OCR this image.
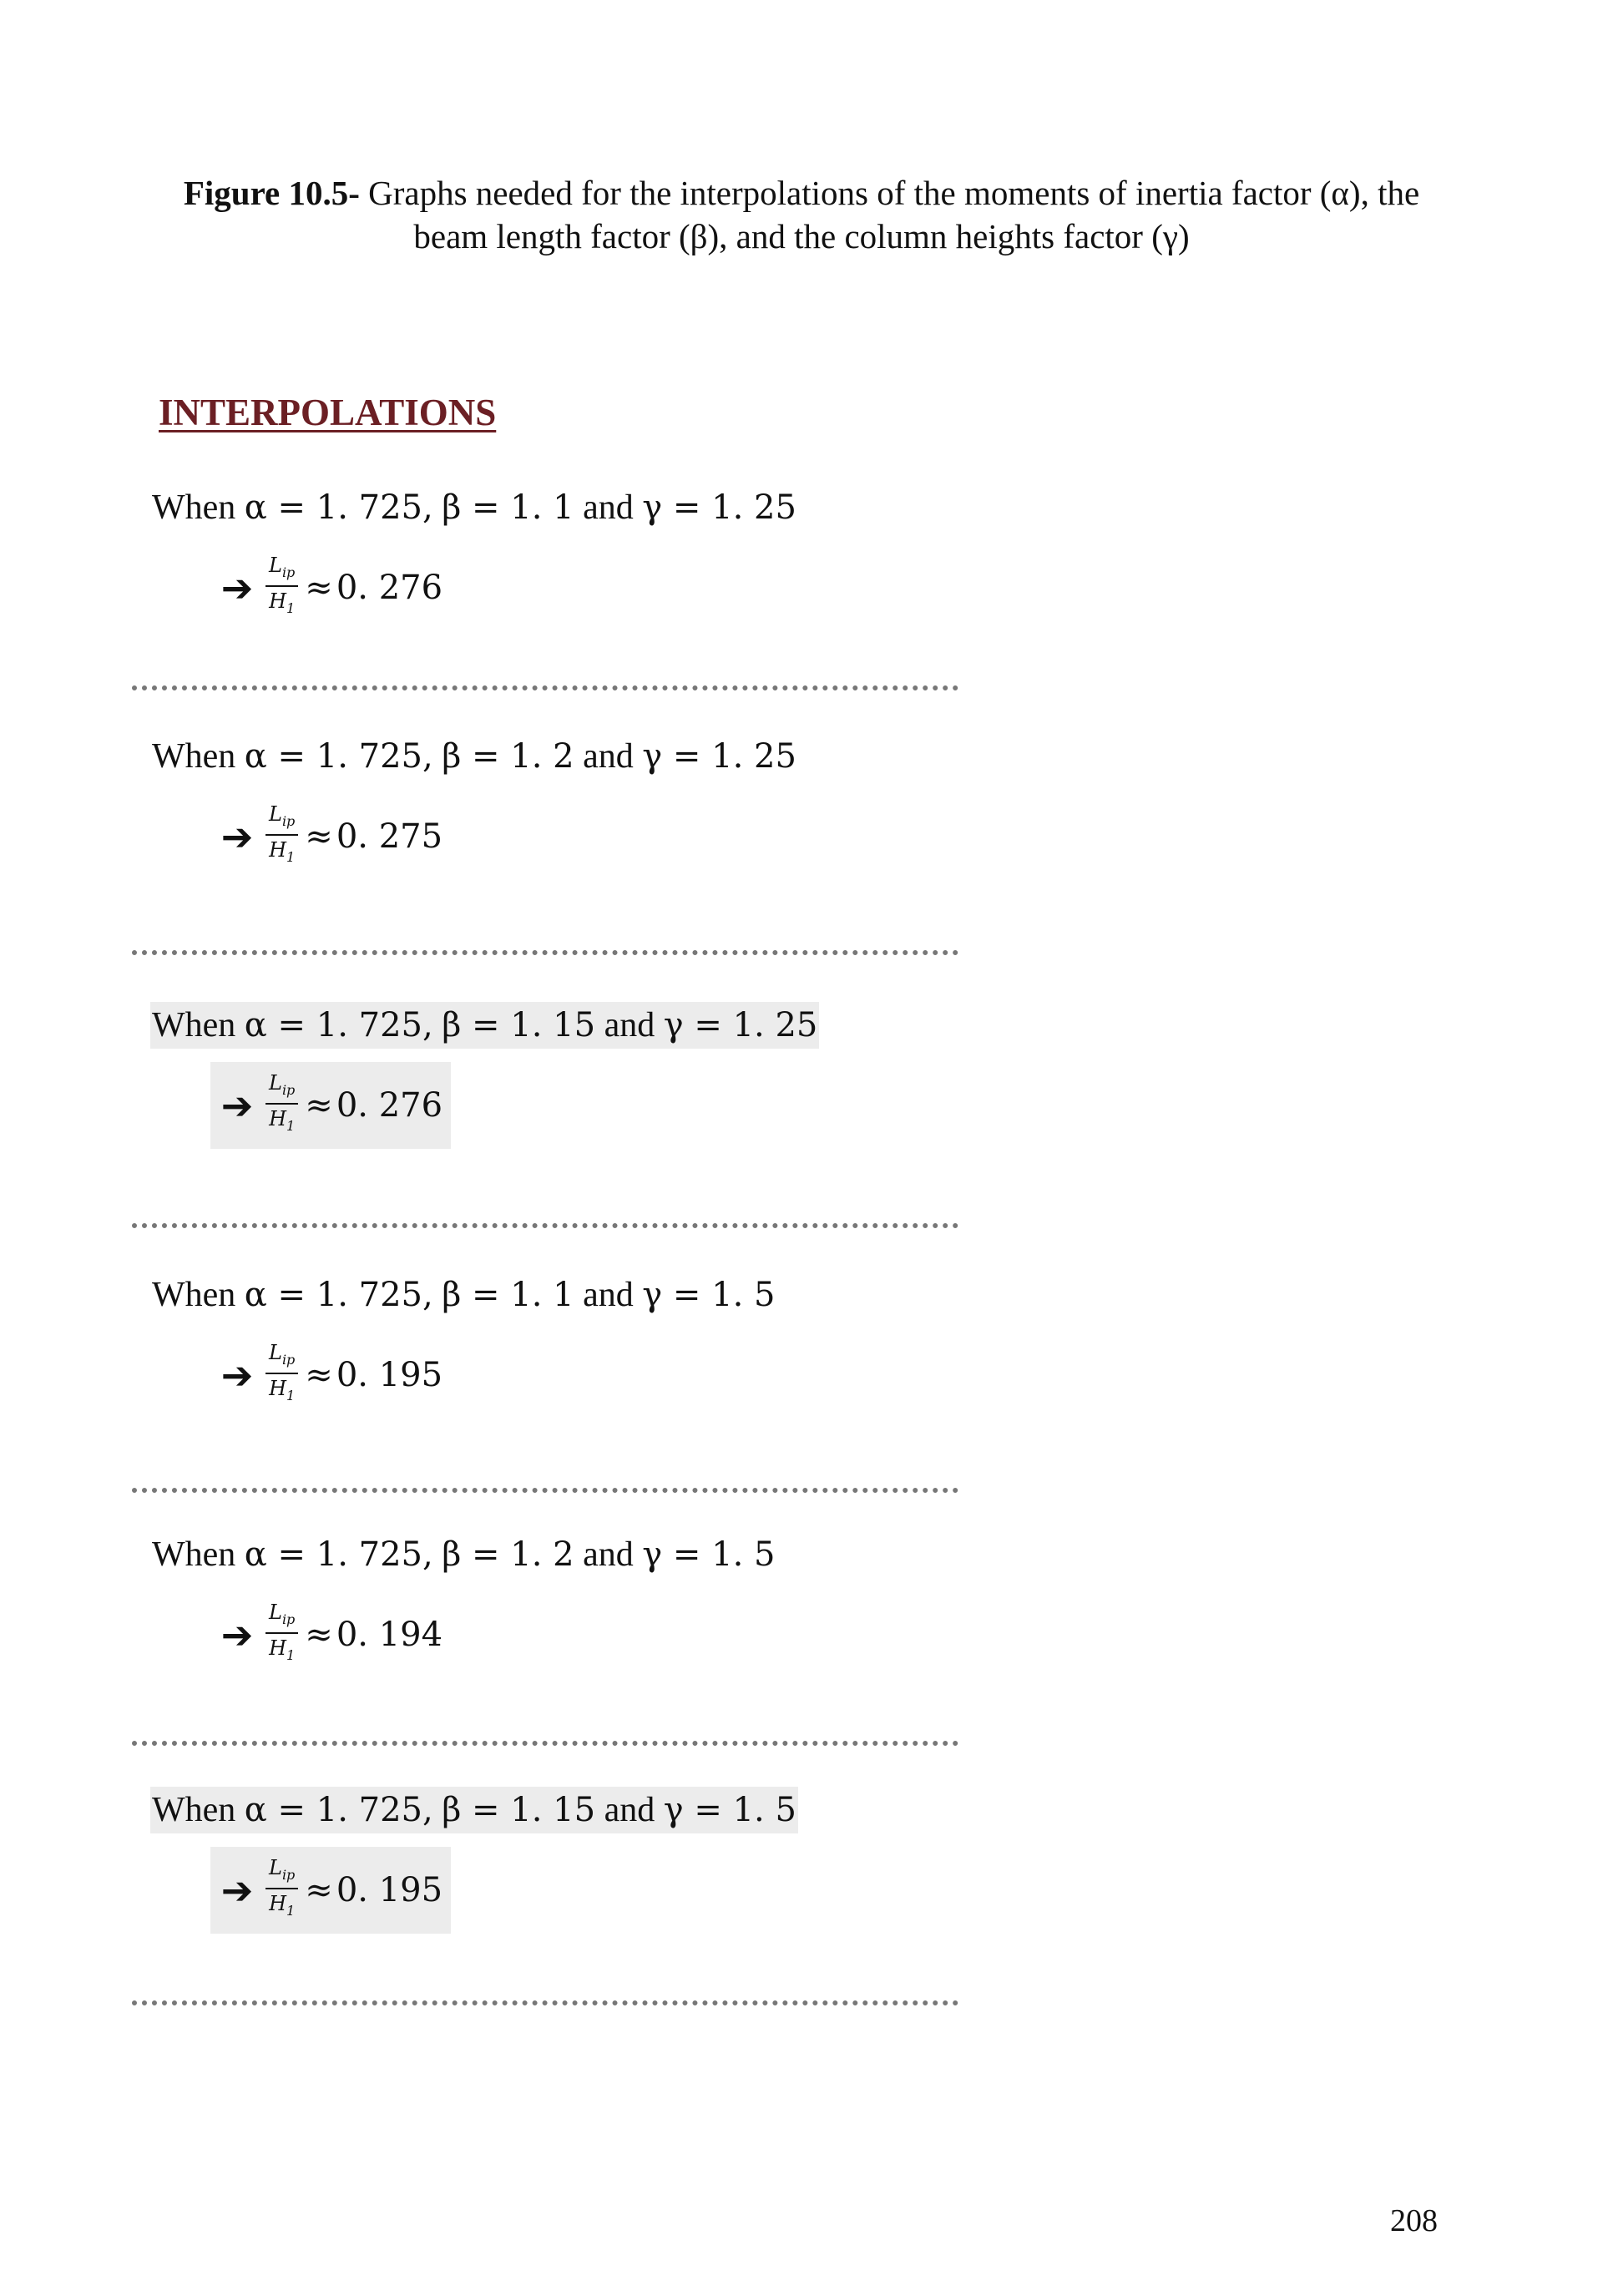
Figure 10.5- Graphs needed for the interpolations of the moments of inertia factor (α), the beam length factor (β), and the column heights factor (γ)
INTERPOLATIONS
When α = 1. 725, β = 1. 1 and γ = 1. 25
➔ $\frac{L_{ip}}{H_1}$ ≈
0. 276
When α = 1. 725, β = 1. 2 and γ = 1. 25
➔ $\frac{L_{ip}}{H_1}$ ≈
0. 275
When α = 1. 725, β = 1. 15 and γ = 1. 25
➔ $\frac{L_{ip}}{H_1}$ ≈
0. 276
When α = 1. 725, β = 1. 1 and γ = 1. 5
➔ $\frac{L_{ip}}{H_1}$ ≈
0. 195
When α = 1. 725, β = 1. 2 and γ = 1. 5
➔ $\frac{L_{ip}}{H_1}$ ≈
0. 194
When α = 1. 725, β = 1. 15 and γ = 1. 5
➔ $\frac{L_{ip}}{H_1}$ ≈
0. 195
208
